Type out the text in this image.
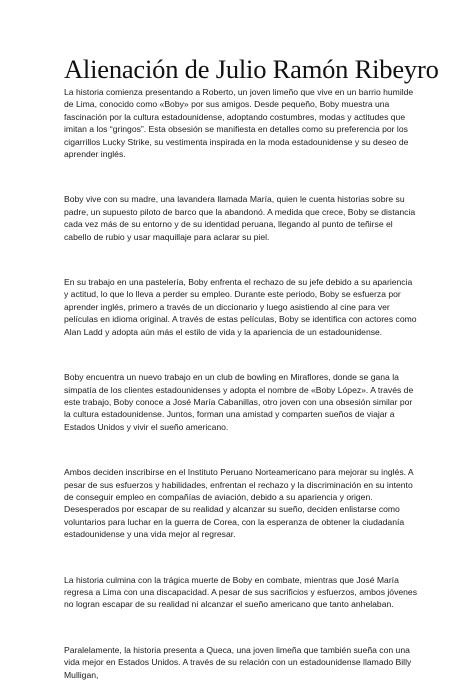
Alienación de Julio Ramón Ribeyro

La historia comienza presentando a Roberto, un joven limeño que vive en un barrio humilde de Lima, conocido como «Boby» por sus amigos. Desde pequeño, Boby muestra una fascinación por la cultura estadounidense, adoptando costumbres, modas y actitudes que imitan a los “gringos”. Esta obsesión se manifiesta en detalles como su preferencia por los cigarrillos Lucky Strike, su vestimenta inspirada en la moda estadounidense y su deseo de aprender inglés.

Boby vive con su madre, una lavandera llamada María, quien le cuenta historias sobre su padre, un supuesto piloto de barco que la abandonó. A medida que crece, Boby se distancia cada vez más de su entorno y de su identidad peruana, llegando al punto de teñirse el cabello de rubio y usar maquillaje para aclarar su piel.

En su trabajo en una pastelería, Boby enfrenta el rechazo de su jefe debido a su apariencia y actitud, lo que lo lleva a perder su empleo. Durante este periodo, Boby se esfuerza por aprender inglés, primero a través de un diccionario y luego asistiendo al cine para ver películas en idioma original. A través de estas películas, Boby se identifica con actores como Alan Ladd y adopta aún más el estilo de vida y la apariencia de un estadounidense.

Boby encuentra un nuevo trabajo en un club de bowling en Miraflores, donde se gana la simpatía de los clientes estadounidenses y adopta el nombre de «Boby López». A través de este trabajo, Boby conoce a José María Cabanillas, otro joven con una obsesión similar por la cultura estadounidense. Juntos, forman una amistad y comparten sueños de viajar a Estados Unidos y vivir el sueño americano.

Ambos deciden inscribirse en el Instituto Peruano Norteamericano para mejorar su inglés. A pesar de sus esfuerzos y habilidades, enfrentan el rechazo y la discriminación en su intento de conseguir empleo en compañías de aviación, debido a su apariencia y origen. Desesperados por escapar de su realidad y alcanzar su sueño, deciden enlistarse como voluntarios para luchar en la guerra de Corea, con la esperanza de obtener la ciudadanía estadounidense y una vida mejor al regresar.

La historia culmina con la trágica muerte de Boby en combate, mientras que José María regresa a Lima con una discapacidad. A pesar de sus sacrificios y esfuerzos, ambos jóvenes no logran escapar de su realidad ni alcanzar el sueño americano que tanto anhelaban.

Paralelamente, la historia presenta a Queca, una joven limeña que también sueña con una vida mejor en Estados Unidos. A través de su relación con un estadounidense llamado Billy Mulligan,
